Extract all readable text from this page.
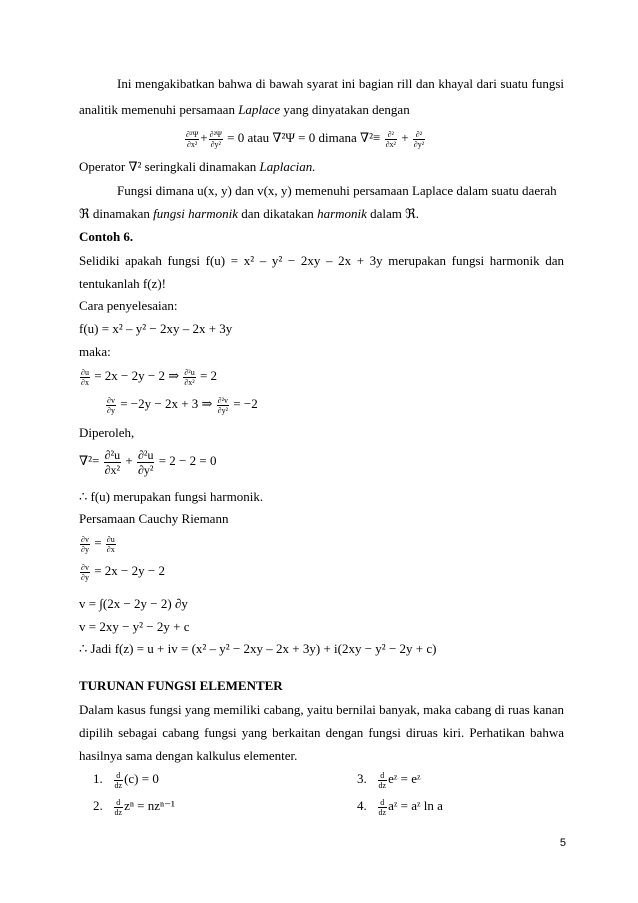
Ini mengakibatkan bahwa di bawah syarat ini bagian rill dan khayal dari suatu fungsi
analitik memenuhi persamaan Laplace yang dinyatakan dengan
$\frac{\text{∂²Ψ}}{\text{∂x²}} + \frac{\text{∂²Ψ}}{\text{∂y²}} = 0$ atau ∇²Ψ = 0 dimana $\nabla^2\equiv \frac{\text{∂²}}{\text{∂x²}} + \frac{\text{∂²}}{\text{∂y²}}$
Operator ∇² seringkali dinamakan Laplacian.
Fungsi dimana u(x, y) dan v(x, y) memenuhi persamaan Laplace dalam suatu daerah
ℜ dinamakan fungsi harmonik dan dikatakan harmonik dalam ℜ.
Contoh 6.
Selidiki apakah fungsi f(u) = x² – y² − 2xy – 2x + 3y merupakan fungsi harmonik dan
tentukanlah f(z)!
Cara penyelesaian:
f(u) = x² – y² − 2xy – 2x + 3y
maka:
$\frac{\partial u}{\partial x} = 2x - 2y - 2$ ⇒ $\frac{\text{∂²u}}{\text{∂x²}} = 2$
$\frac{\partial v}{\partial y} = -2y - 2x + 3$ ⇒ $\frac{\text{∂²v}}{\text{∂y²}} = -2$
Diperoleh,
$\nabla^2= \frac{\text{∂²u}}{\text{∂x²}} + \frac{\text{∂²u}}{\text{∂y²}} = 2 - 2 = 0$
∴ f(u) merupakan fungsi harmonik.
Persamaan Cauchy Riemann
$\frac{\partial v}{\partial y} = \frac{\partial u}{\partial x}$
$\frac{\partial v}{\partial y} = 2x - 2y - 2$
v = ∫(2x − 2y − 2) ∂y
v = 2xy − y² − 2y + c
∴ Jadi f(z) = u + iv = (x² – y² − 2xy – 2x + 3y) + i(2xy − y² − 2y + c)
TURUNAN FUNGSI ELEMENTER
Dalam kasus fungsi yang memiliki cabang, yaitu bernilai banyak, maka cabang di ruas kanan
dipilih sebagai cabang fungsi yang berkaitan dengan fungsi diruas kiri. Perhatikan bahwa
hasilnya sama dengan kalkulus elementer.
1. $\frac{d}{dz} (c) = 0$	3. $\frac{d}{dz}$ eᶻ = eᶻ
2. $\frac{d}{dz}$ zⁿ = nzⁿ⁻¹	4. $\frac{d}{dz}$ aᶻ = aᶻ ln a
5
